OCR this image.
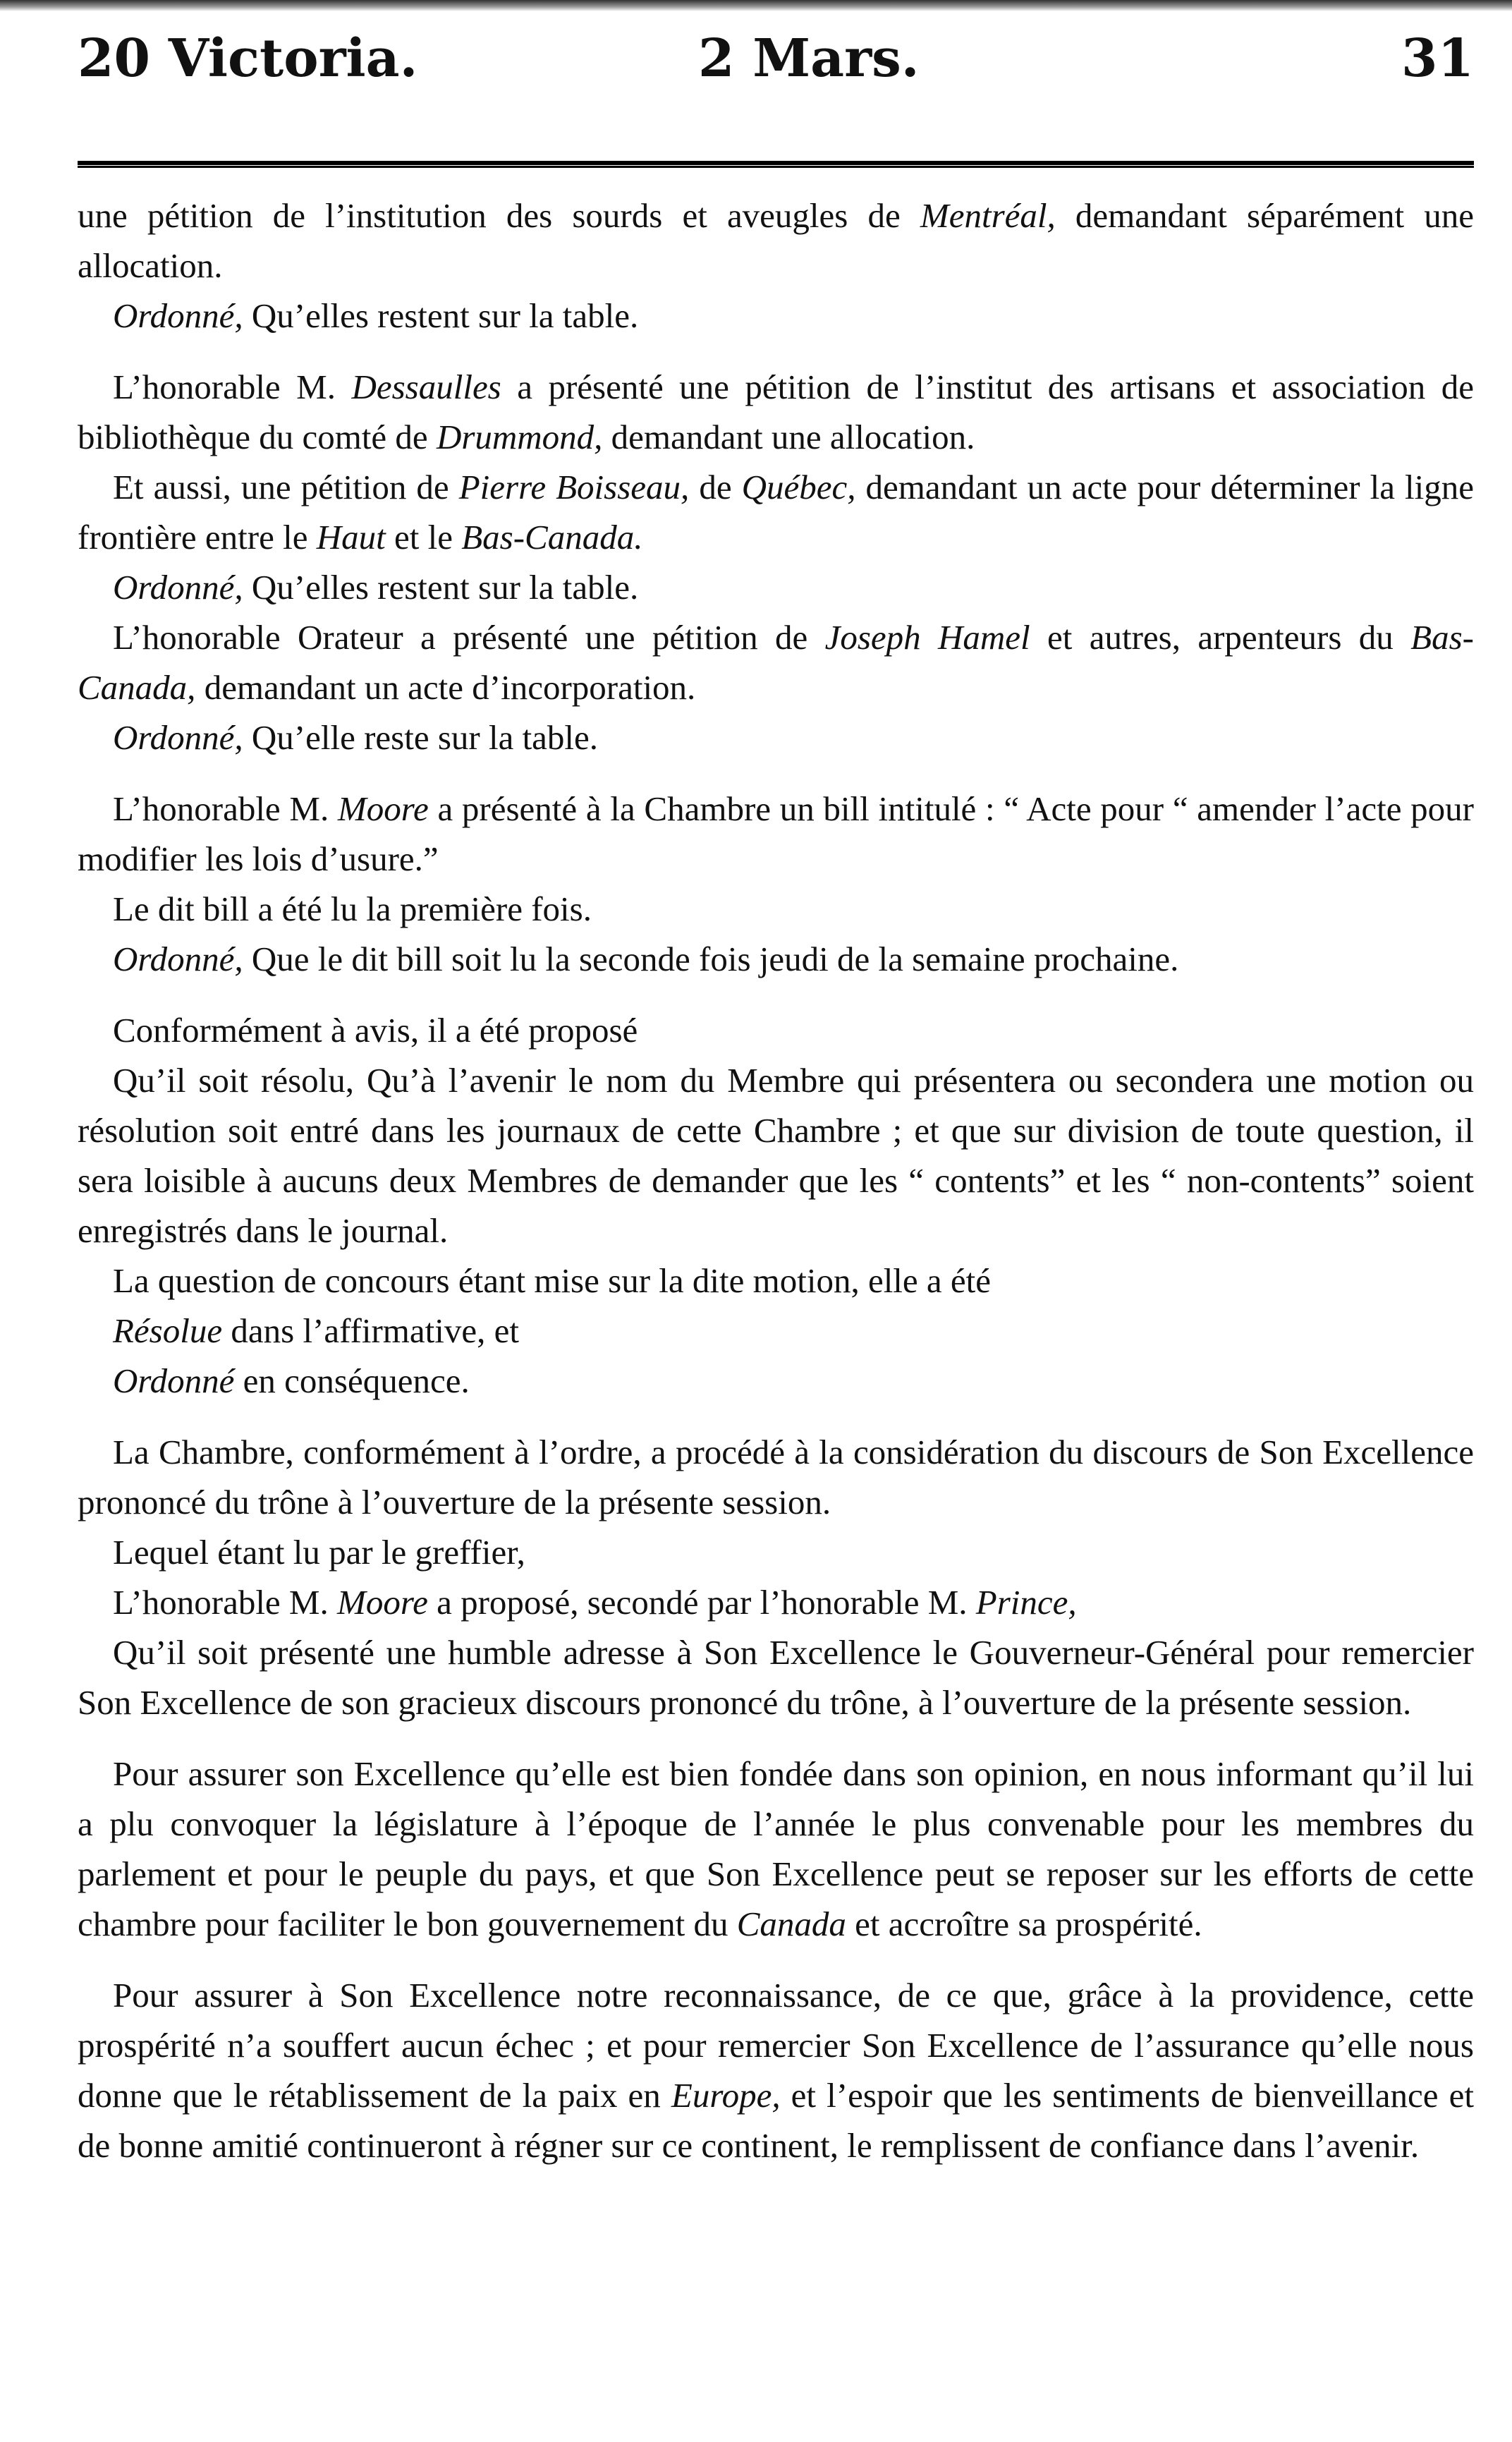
20 Victoria.	2 Mars.	31

une pétition de l’institution des sourds et aveugles de Mentréal, demandant séparément une allocation.

Ordonné, Qu’elles restent sur la table.

L’honorable M. Dessaulles a présenté une pétition de l’institut des artisans et association de bibliothèque du comté de Drummond, demandant une allocation.

Et aussi, une pétition de Pierre Boisseau, de Québec, demandant un acte pour déterminer la ligne frontière entre le Haut et le Bas-Canada.

Ordonné, Qu’elles restent sur la table.

L’honorable Orateur a présenté une pétition de Joseph Hamel et autres, arpenteurs du Bas-Canada, demandant un acte d’incorporation.

Ordonné, Qu’elle reste sur la table.

L’honorable M. Moore a présenté à la Chambre un bill intitulé : “ Acte pour “ amender l’acte pour modifier les lois d’usure.”

Le dit bill a été lu la première fois.

Ordonné, Que le dit bill soit lu la seconde fois jeudi de la semaine prochaine.

Conformément à avis, il a été proposé

Qu’il soit résolu, Qu’à l’avenir le nom du Membre qui présentera ou secondera une motion ou résolution soit entré dans les journaux de cette Chambre ; et que sur division de toute question, il sera loisible à aucuns deux Membres de demander que les “ contents” et les “ non-contents” soient enregistrés dans le journal.

La question de concours étant mise sur la dite motion, elle a été

Résolue dans l’affirmative, et

Ordonné en conséquence.

La Chambre, conformément à l’ordre, a procédé à la considération du discours de Son Excellence prononcé du trône à l’ouverture de la présente session.

Lequel étant lu par le greffier,

L’honorable M. Moore a proposé, secondé par l’honorable M. Prince,

Qu’il soit présenté une humble adresse à Son Excellence le Gouverneur-Général pour remercier Son Excellence de son gracieux discours prononcé du trône, à l’ouverture de la présente session.

Pour assurer son Excellence qu’elle est bien fondée dans son opinion, en nous informant qu’il lui a plu convoquer la législature à l’époque de l’année le plus convenable pour les membres du parlement et pour le peuple du pays, et que Son Excellence peut se reposer sur les efforts de cette chambre pour faciliter le bon gouvernement du Canada et accroître sa prospérité.

Pour assurer à Son Excellence notre reconnaissance, de ce que, grâce à la providence, cette prospérité n’a souffert aucun échec ; et pour remercier Son Excellence de l’assurance qu’elle nous donne que le rétablissement de la paix en Europe, et l’espoir que les sentiments de bienveillance et de bonne amitié continueront à régner sur ce continent, le remplissent de confiance dans l’avenir.
